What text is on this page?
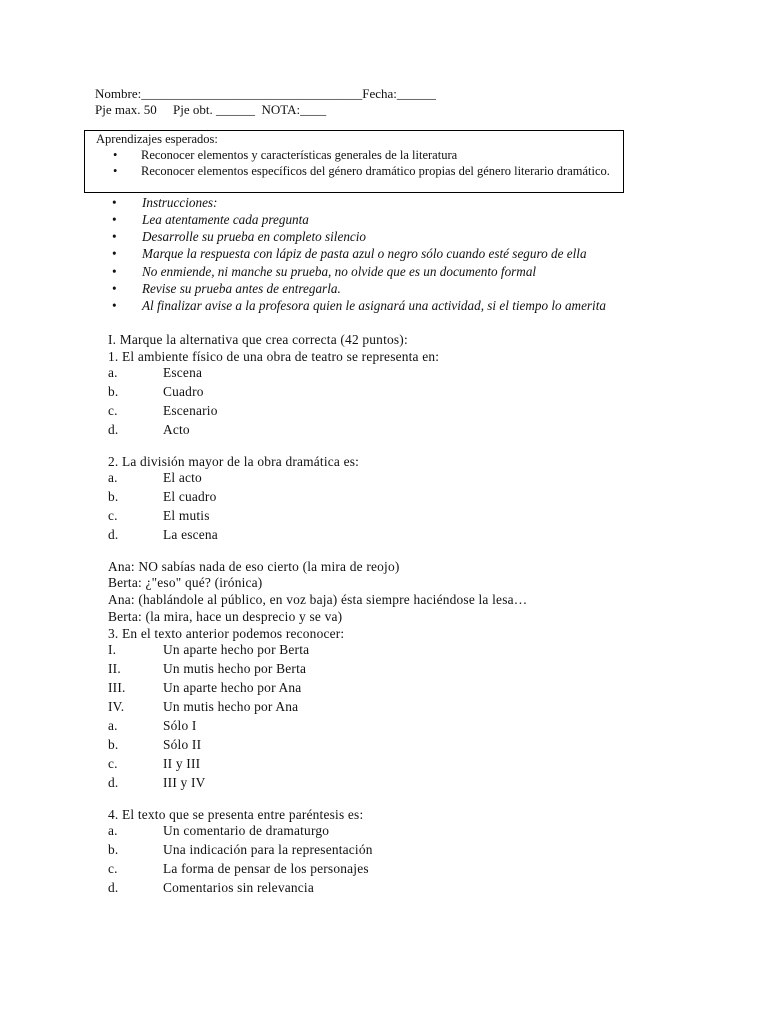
Nombre:__________________________________Fecha:______
Pje max. 50     Pje obt. ______  NOTA:____
Aprendizajes esperados:
• Reconocer elementos y características generales de la literatura
• Reconocer elementos específicos del género dramático propias del género literario dramático.
• Instrucciones:
• Lea atentamente cada pregunta
• Desarrolle su prueba en completo silencio
• Marque la respuesta con lápiz de pasta azul o negro sólo cuando esté seguro de ella
• No enmiende, ni manche su prueba, no olvide que es un documento formal
• Revise su prueba antes de entregarla.
• Al finalizar avise a la profesora quien le asignará una actividad, si el tiempo lo amerita
I. Marque la alternativa que crea correcta (42 puntos):
1. El ambiente físico de una obra de teatro se representa en:
a.	Escena
b.	Cuadro
c.	Escenario
d.	Acto
2. La división mayor de la obra dramática es:
a.	El acto
b.	El cuadro
c.	El mutis
d.	La escena
Ana: NO sabías nada de eso cierto (la mira de reojo)
Berta: ¿"eso" qué? (irónica)
Ana: (hablándole al público, en voz baja) ésta siempre haciéndose la lesa…
Berta: (la mira, hace un desprecio y se va)
3. En el texto anterior podemos reconocer:
I.	Un aparte hecho por Berta
II.	Un mutis hecho por Berta
III.	Un aparte hecho por Ana
IV.	Un mutis hecho por Ana
a.	Sólo I
b.	Sólo II
c.	II y III
d.	III y IV
4. El texto que se presenta entre paréntesis es:
a.	Un comentario de dramaturgo
b.	Una indicación para la representación
c.	La forma de pensar de los personajes
d.	Comentarios sin relevancia
